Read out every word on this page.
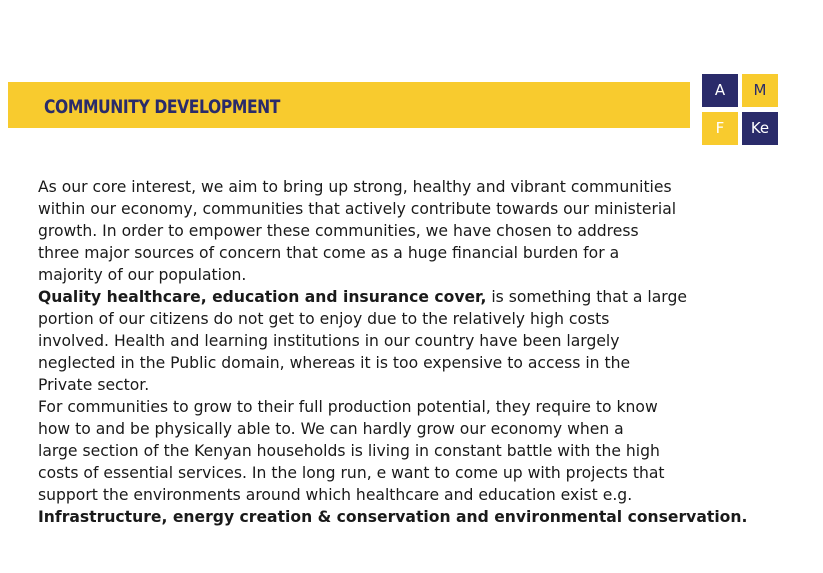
COMMUNITY DEVELOPMENT
A	M
F	Ke
As our core interest, we aim to bring up strong, healthy and vibrant communities
within our economy, communities that actively contribute towards our ministerial
growth. In order to empower these communities, we have chosen to address
three major sources of concern that come as a huge financial burden for a
majority of our population.
Quality healthcare, education and insurance cover, is something that a large
portion of our citizens do not get to enjoy due to the relatively high costs
involved. Health and learning institutions in our country have been largely
neglected in the Public domain, whereas it is too expensive to access in the
Private sector.
For communities to grow to their full production potential, they require to know
how to and be physically able to. We can hardly grow our economy when a
large section of the Kenyan households is living in constant battle with the high
costs of essential services. In the long run, e want to come up with projects that
support the environments around which healthcare and education exist e.g.
Infrastructure, energy creation & conservation and environmental conservation.
